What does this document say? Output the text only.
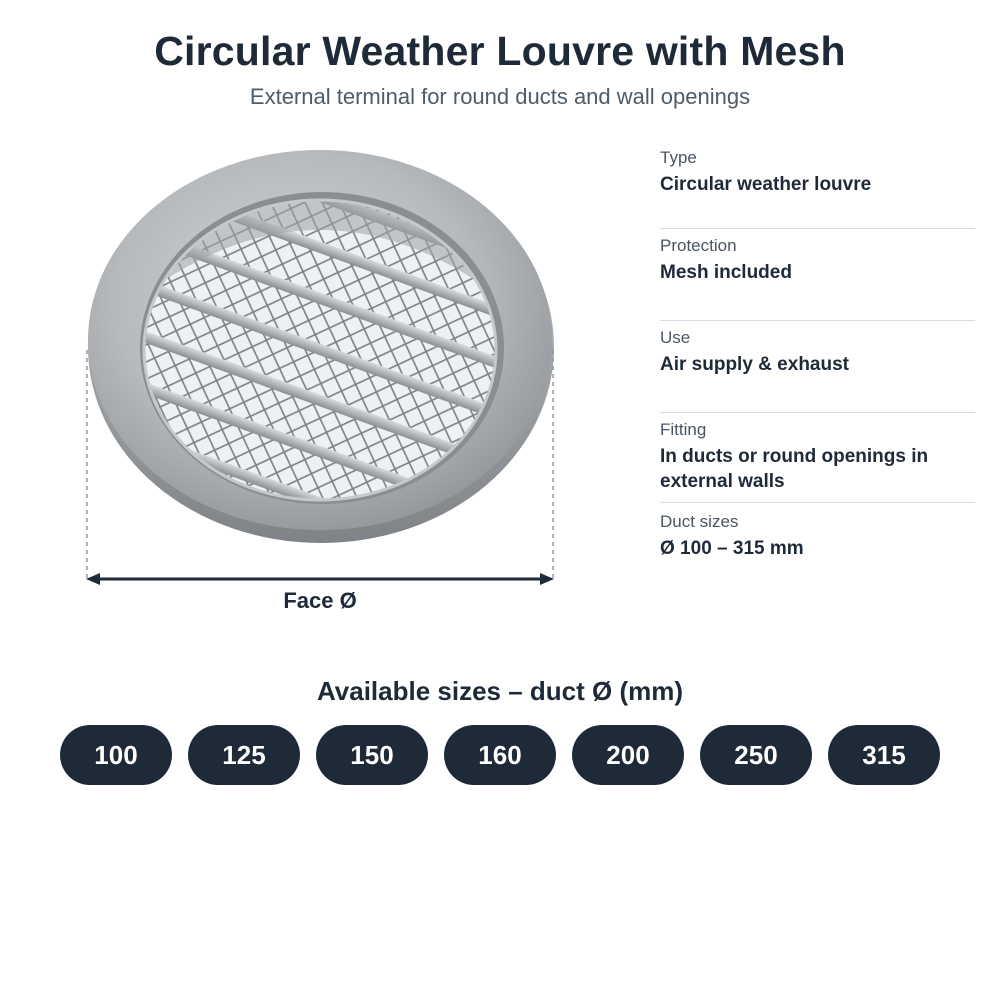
Circular Weather Louvre with Mesh
External terminal for round ducts and wall openings
Face Ø
Type
Circular weather louvre
Protection
Mesh included
Use
Air supply & exhaust
Fitting
In ducts or round openings in external walls
Duct sizes
Ø 100 – 315 mm
Available sizes – duct Ø (mm)
100	125	150	160	200	250	315
